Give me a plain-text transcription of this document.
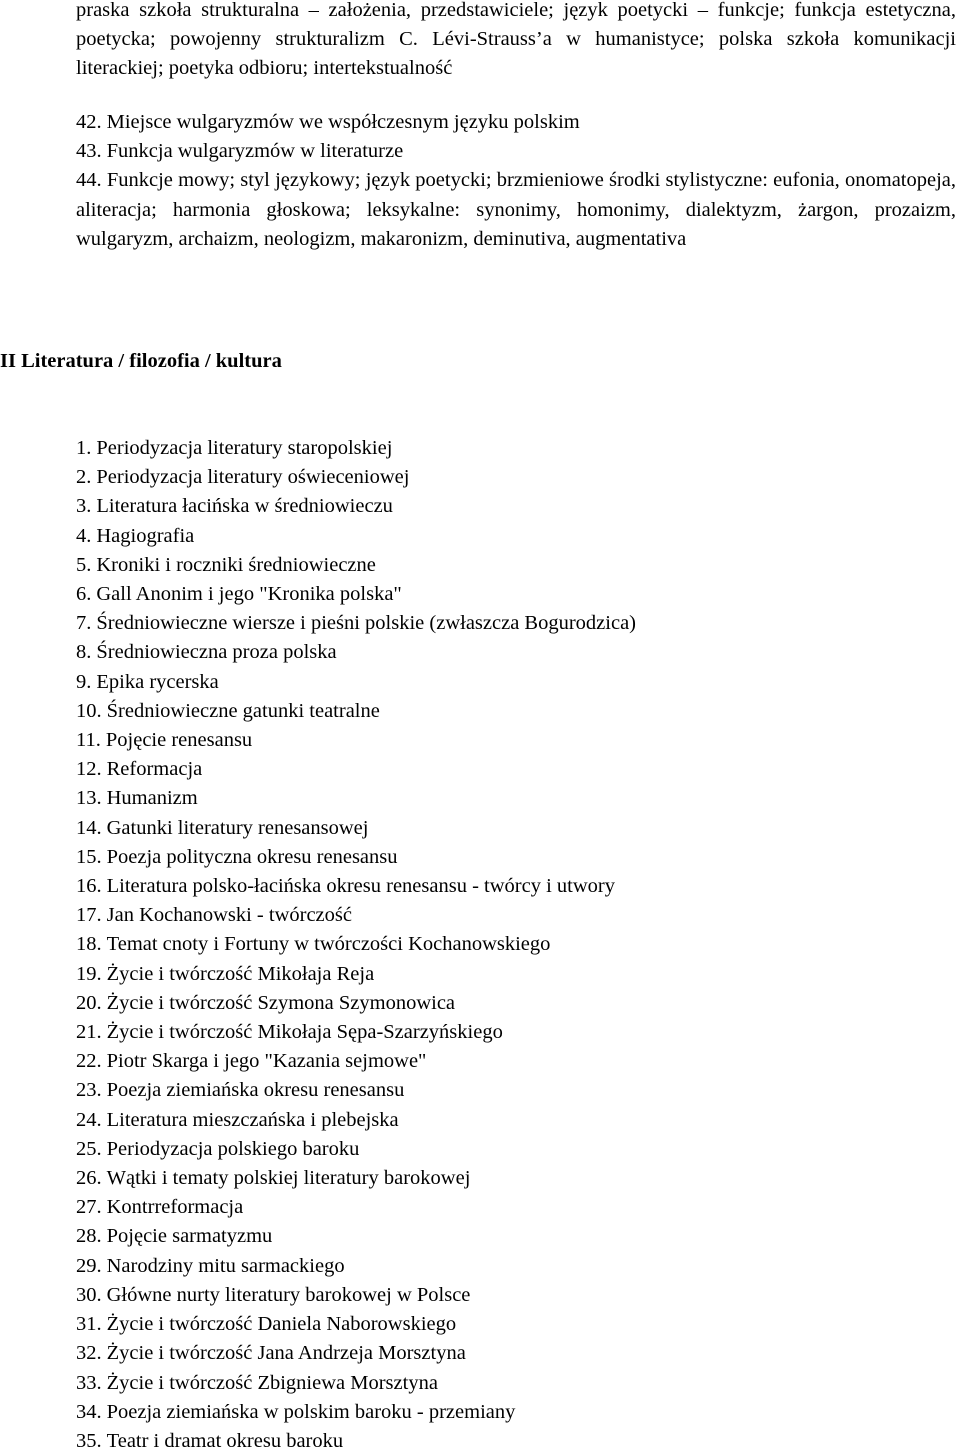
praska szkoła strukturalna – założenia, przedstawiciele; język poetycki – funkcje; funkcja estetyczna, poetycka; powojenny strukturalizm C. Lévi-Strauss’a w humanistyce; polska szkoła komunikacji literackiej; poetyka odbioru; intertekstualność
42. Miejsce wulgaryzmów we współczesnym języku polskim
43. Funkcja wulgaryzmów w literaturze
44. Funkcje mowy; styl językowy; język poetycki; brzmieniowe środki stylistyczne: eufonia, onomatopeja, aliteracja; harmonia głoskowa; leksykalne: synonimy, homonimy, dialektyzm, żargon, prozaizm, wulgaryzm, archaizm, neologizm, makaronizm, deminutiva, augmentativa
II Literatura / filozofia / kultura
1. Periodyzacja literatury staropolskiej
2. Periodyzacja literatury oświeceniowej
3. Literatura łacińska w średniowieczu
4. Hagiografia
5. Kroniki i roczniki średniowieczne
6. Gall Anonim i jego "Kronika polska"
7. Średniowieczne wiersze i pieśni polskie (zwłaszcza Bogurodzica)
8. Średniowieczna proza polska
9. Epika rycerska
10. Średniowieczne gatunki teatralne
11. Pojęcie renesansu
12. Reformacja
13. Humanizm
14. Gatunki literatury renesansowej
15. Poezja polityczna okresu renesansu
16. Literatura polsko-łacińska okresu renesansu - twórcy i utwory
17. Jan Kochanowski - twórczość
18. Temat cnoty i Fortuny w twórczości Kochanowskiego
19. Życie i twórczość Mikołaja Reja
20. Życie i twórczość Szymona Szymonowica
21. Życie i twórczość Mikołaja Sępa-Szarzyńskiego
22. Piotr Skarga i jego "Kazania sejmowe"
23. Poezja ziemiańska okresu renesansu
24. Literatura mieszczańska i plebejska
25. Periodyzacja polskiego baroku
26. Wątki i tematy polskiej literatury barokowej
27. Kontrreformacja
28. Pojęcie sarmatyzmu
29. Narodziny mitu sarmackiego
30. Główne nurty literatury barokowej w Polsce
31. Życie i twórczość Daniela Naborowskiego
32. Życie i twórczość Jana Andrzeja Morsztyna
33. Życie i twórczość Zbigniewa Morsztyna
34. Poezja ziemiańska w polskim baroku - przemiany
35. Teatr i dramat okresu baroku
